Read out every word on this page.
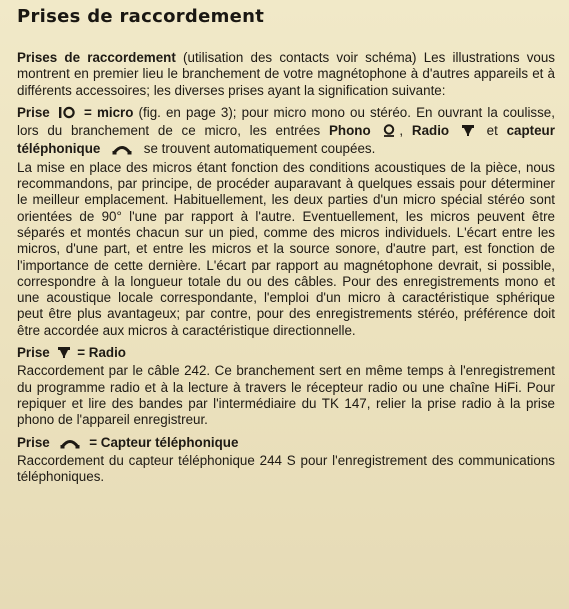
Prises de raccordement
Prises de raccordement (utilisation des contacts voir schéma) Les illustrations vous montrent en premier lieu le branchement de votre magnétophone à d'autres appareils et à différents accessoires; les diverses prises ayant la signification suivante:
Prise	= micro (fig. en page 3); pour micro mono ou stéréo. En ouvrant la coulisse, lors du branchement de ce micro, les entrées Phono , Radio	et capteur téléphonique	se trouvent automatiquement coupées.
La mise en place des micros étant fonction des conditions acoustiques de la pièce, nous recommandons, par principe, de procéder auparavant à quelques essais pour déterminer le meilleur emplacement. Habituellement, les deux parties d'un micro spécial stéréo sont orientées de 90° l'une par rapport à l'autre. Eventuellement, les micros peuvent être séparés et montés chacun sur un pied, comme des micros individuels. L'écart entre les micros, d'une part, et entre les micros et la source sonore, d'autre part, est fonction de l'importance de cette dernière. L'écart par rapport au magnétophone devrait, si possible, correspondre à la longueur totale du ou des câbles. Pour des enregistrements mono et une acoustique locale correspondante, l'emploi d'un micro à caractéristique sphérique peut être plus avantageux; par contre, pour des enregistrements stéréo, préférence doit être accordée aux micros à caractéristique directionnelle.
Prise = Radio
Raccordement par le câble 242. Ce branchement sert en même temps à l'enregistrement du programme radio et à la lecture à travers le récepteur radio ou une chaîne HiFi. Pour repiquer et lire des bandes par l'intermédiaire du TK 147, relier la prise radio à la prise phono de l'appareil enregistreur.
Prise	= Capteur téléphonique
Raccordement du capteur téléphonique 244 S pour l'enregistrement des communications téléphoniques.
